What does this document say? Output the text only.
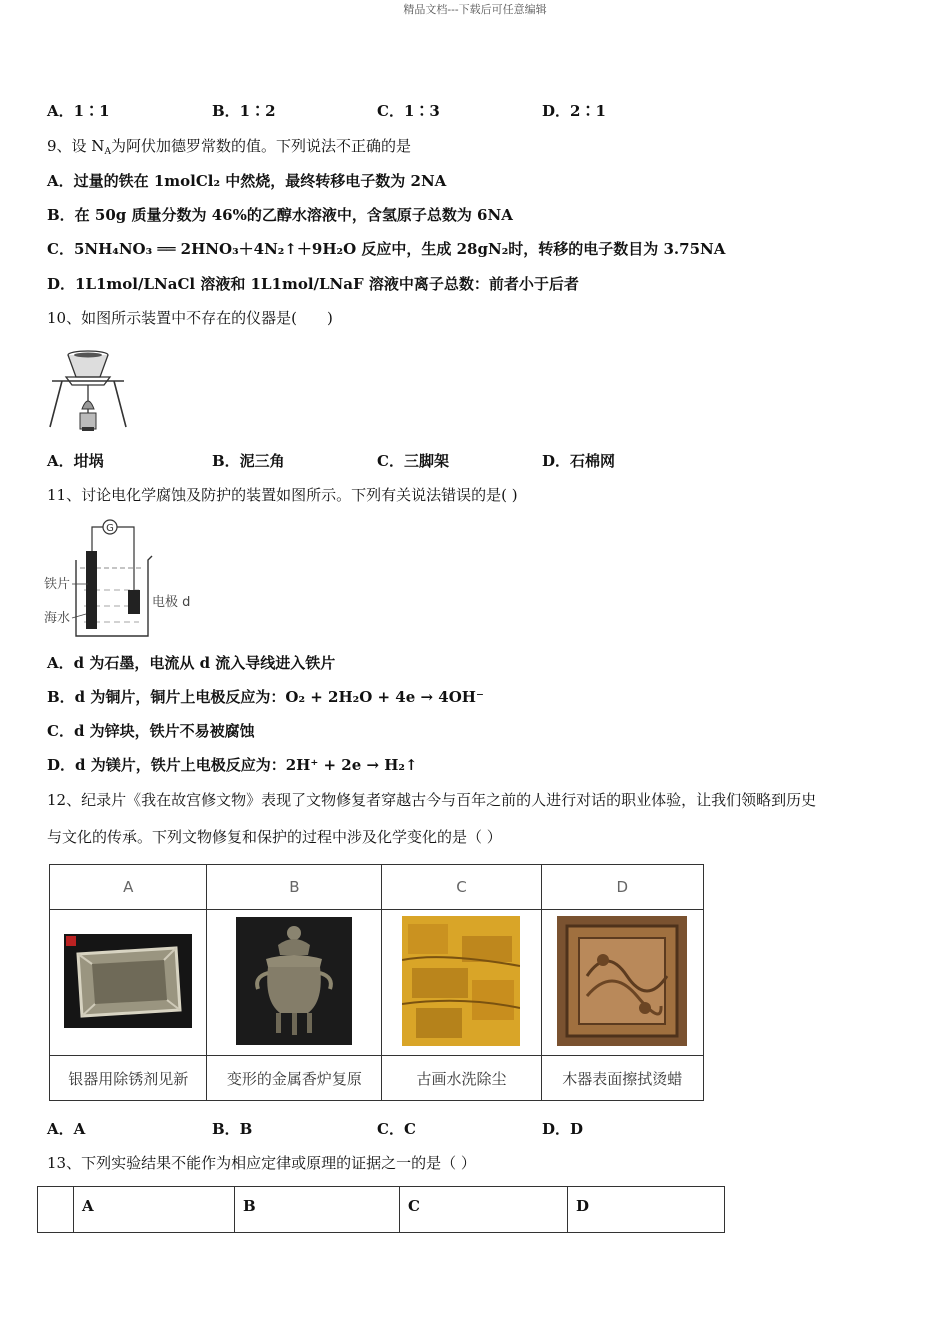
精品文档---下载后可任意编辑
A．1∶1	B．1∶2	C．1∶3	D．2∶1
9、设 $N_A$为阿伏加德罗常数的值。下列说法不正确的是
A．过量的铁在 1molCl₂ 中然烧，最终转移电子数为 2NA
B．在 50g 质量分数为 46%的乙醇水溶液中，含氢原子总数为 6NA
C．5NH₄NO₃ ══ 2HNO₃＋4N₂↑＋9H₂O 反应中，生成 28gN₂时，转移的电子数目为 3.75NA
D．1L1mol/LNaCl 溶液和 1L1mol/LNaF 溶液中离子总数：前者小于后者
10、如图所示装置中不存在的仪器是(　　)
A．坩埚	B．泥三角	C．三脚架	D．石棉网
11、讨论电化学腐蚀及防护的装置如图所示。下列有关说法错误的是( )
G
铁片
海水
电极 d
A．d 为石墨，电流从 d 流入导线进入铁片
B．d 为铜片，铜片上电极反应为：O₂ + 2H₂O + 4e → 4OH⁻
C．d 为锌块，铁片不易被腐蚀
D．d 为镁片，铁片上电极反应为：2H⁺ + 2e → H₂↑
12、纪录片《我在故宫修文物》表现了文物修复者穿越古今与百年之前的人进行对话的职业体验，让我们领略到历史
与文化的传承。下列文物修复和保护的过程中涉及化学变化的是（ ）
A	B	C	D

银器用除锈剂见新	变形的金属香炉复原	古画水洗除尘	木器表面擦拭烫蜡
A．A	B．B	C．C	D．D
13、下列实验结果不能作为相应定律或原理的证据之一的是（ ）
	A	B	C	D
